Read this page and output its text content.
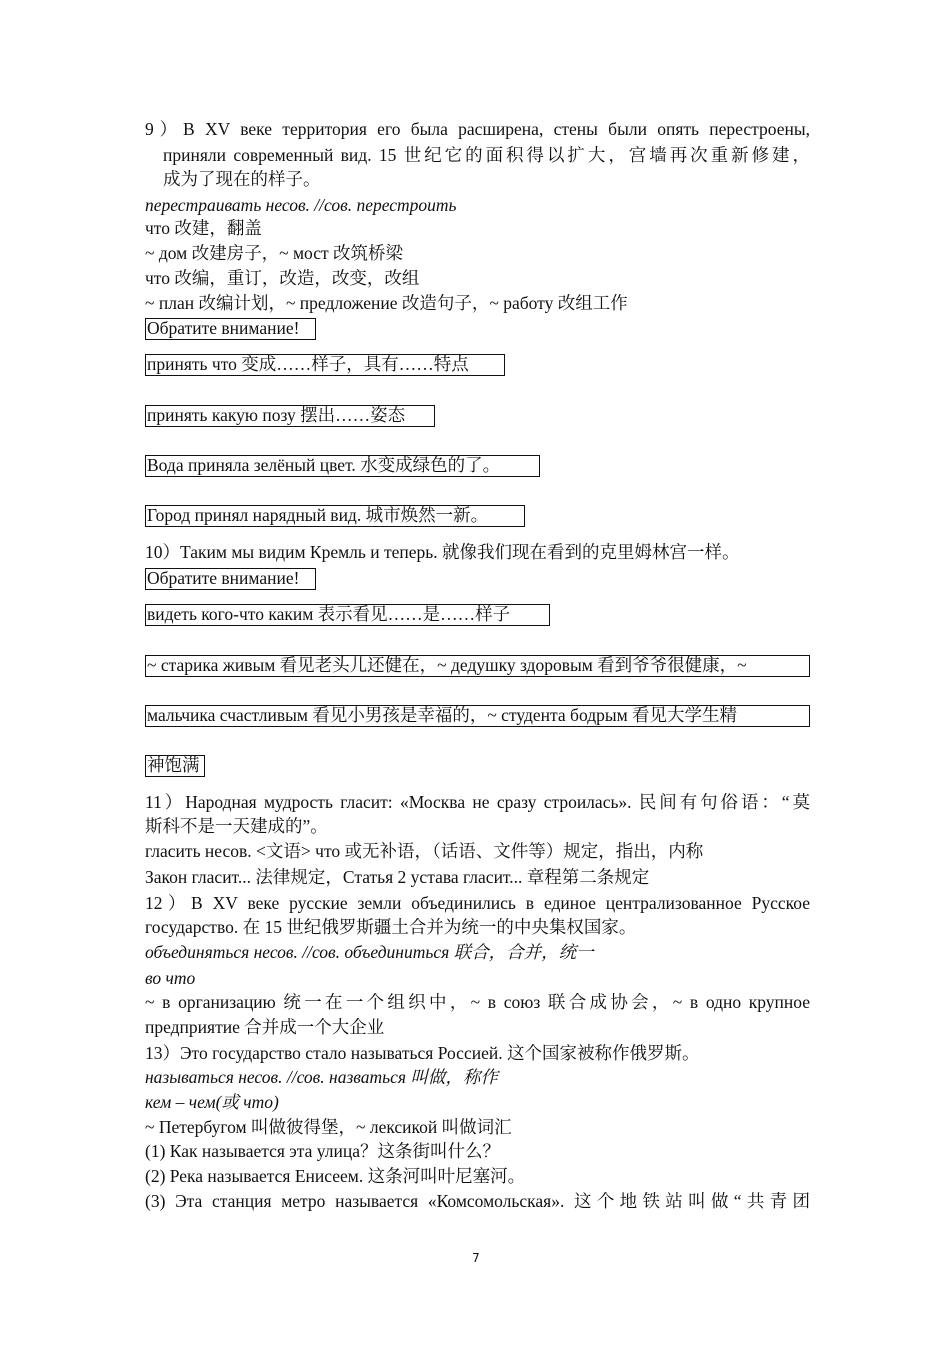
9）В XV веке территория его была расширена, стены были опять перестроены,
приняли современный вид. 15 世纪它的面积得以扩大，宫墙再次重新修建，
成为了现在的样子。
перестраивать несов. //сов. перестроить
что 改建，翻盖
~ дом 改建房子，~ мост 改筑桥梁
что 改编，重订，改造，改变，改组
~ план 改编计划，~ предложение 改造句子，~ работу 改组工作
Обратите внимание!
принять что 变成……样子，具有……特点
принять какую позу 摆出……姿态
Вода приняла зелёный цвет. 水变成绿色的了。
Город принял нарядный вид. 城市焕然一新。
10）Таким мы видим Кремль и теперь. 就像我们现在看到的克里姆林宫一样。
Обратите внимание!
видеть кого-что каким 表示看见……是……样子
~ старика живым 看见老头儿还健在，~ дедушку здоровым 看到爷爷很健康，~
мальчика счастливым 看见小男孩是幸福的，~ студента бодрым 看见大学生精
神饱满
11）Народная мудрость гласит: «Москва не сразу строилась». 民间有句俗语：“莫
斯科不是一天建成的”。
гласить несов. <文语> что 或无补语，（话语、文件等）规定，指出，内称
Закон гласит... 法律规定，Статья 2 устава гласит... 章程第二条规定
12）В XV веке русские земли объединились в единое централизованное Русское
государство. 在 15 世纪俄罗斯疆土合并为统一的中央集权国家。
объединяться несов. //сов. объединиться 联合，合并，统一
во что
~ в организацию 统一在一个组织中，~ в союз 联合成协会，~ в одно крупное
предприятие 合并成一个大企业
13）Это государство стало называться Россией. 这个国家被称作俄罗斯。
называться несов. //сов. назваться 叫做，称作
кем – чем(或 что)
~ Петербугом 叫做彼得堡，~ лексикой 叫做词汇
(1) Как называется эта улица？这条街叫什么？
(2) Река называется Енисеем. 这条河叫叶尼塞河。
(3) Эта станция метро называется «Комсомольская». 这个地铁站叫做“共青团
7
